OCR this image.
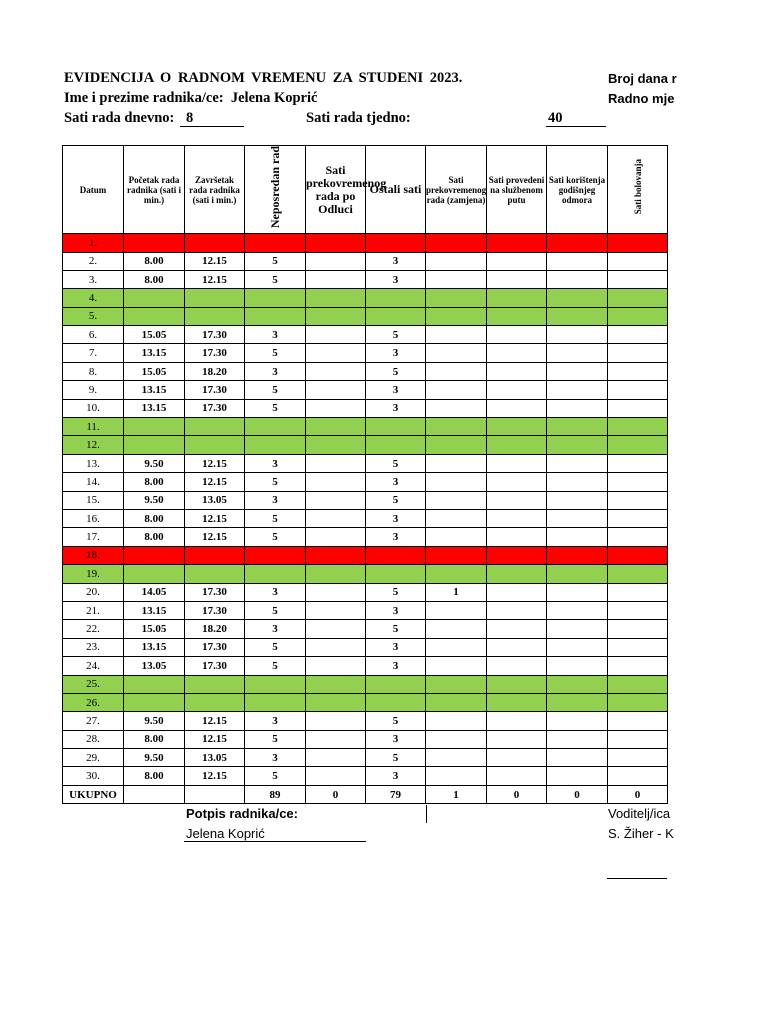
EVIDENCIJA O RADNOM VREMENU ZA STUDENI 2023.
Ime i prezime radnika/ce: Jelena Koprić
Sati rada dnevno: 8	Sati rada tjedno:	40
Broj dana r
Radno mje
Datum	Početak rada radnika (sati i min.)	Završetak rada radnika (sati i min.)	Neposredan rad	Sati prekovremenog rada po Odluci	Ostali sati	Sati prekovremenog rada (zamjena)	Sati provedeni na službenom putu	Sati korištenja godišnjeg odmora	Sati bolovanja
1.									
2.	8.00	12.15	5		3				
3.	8.00	12.15	5		3				
4.									
5.									
6.	15.05	17.30	3		5				
7.	13.15	17.30	5		3				
8.	15.05	18.20	3		5				
9.	13.15	17.30	5		3				
10.	13.15	17.30	5		3				
11.									
12.									
13.	9.50	12.15	3		5				
14.	8.00	12.15	5		3				
15.	9.50	13.05	3		5				
16.	8.00	12.15	5		3				
17.	8.00	12.15	5		3				
18.									
19.									
20.	14.05	17.30	3		5	1			
21.	13.15	17.30	5		3				
22.	15.05	18.20	3		5				
23.	13.15	17.30	5		3				
24.	13.05	17.30	5		3				
25.									
26.									
27.	9.50	12.15	3		5				
28.	8.00	12.15	5		3				
29.	9.50	13.05	3		5				
30.	8.00	12.15	5		3				
UKUPNO			89	0	79	1	0	0	0
Potpis radnika/ce:
Jelena Koprić
Voditelj/ica
S. Žiher - K
